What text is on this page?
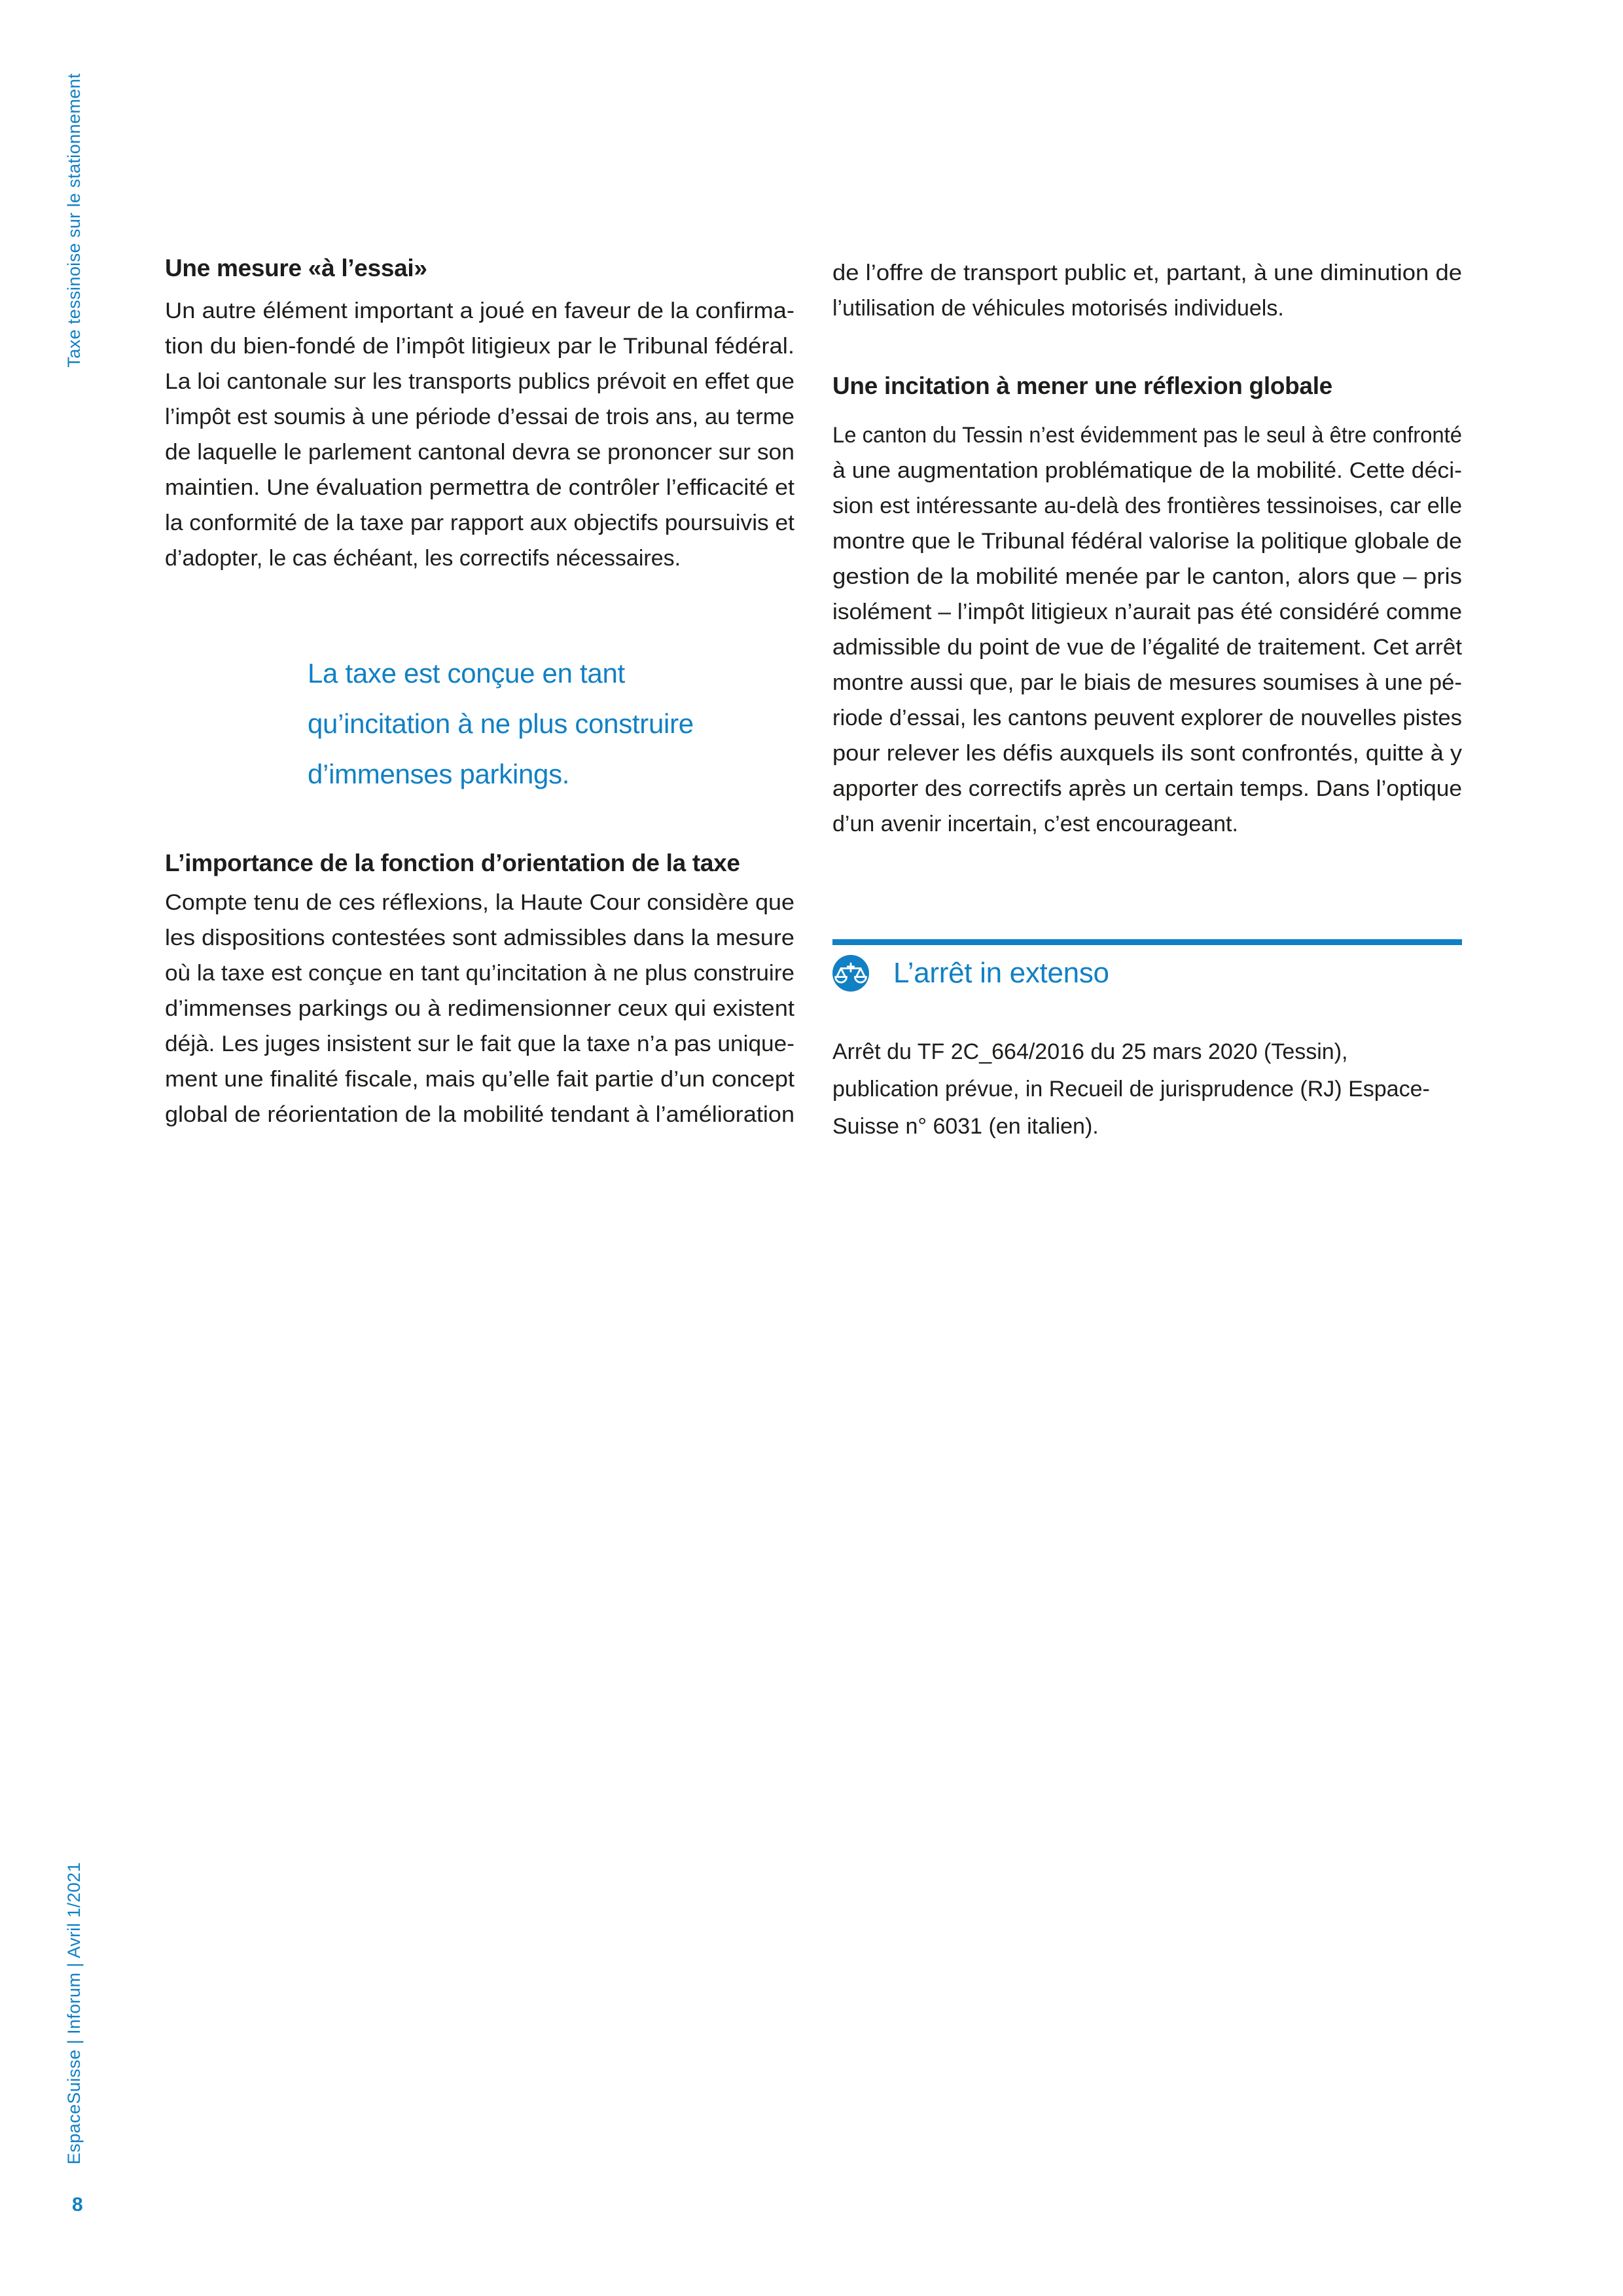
Taxe tessinoise sur le stationnement
EspaceSuisse | Inforum | Avril 1/2021
8
Une mesure «à l’essai»
Un autre élément important a joué en faveur de la confirma-
tion du bien-fondé de l’impôt litigieux par le Tribunal fédéral.
La loi cantonale sur les transports publics prévoit en effet que
l’impôt est soumis à une période d’essai de trois ans, au terme
de laquelle le parlement cantonal devra se prononcer sur son
maintien. Une évaluation permettra de contrôler l’efficacité et
la conformité de la taxe par rapport aux objectifs poursuivis et
d’adopter, le cas échéant, les correctifs nécessaires.
La taxe est conçue en tant
qu’incitation à ne plus construire
d’immenses parkings.
L’importance de la fonction d’orientation de la taxe
Compte tenu de ces réflexions, la Haute Cour considère que
les dispositions contestées sont admissibles dans la mesure
où la taxe est conçue en tant qu’incitation à ne plus construire
d’immenses parkings ou à redimensionner ceux qui existent
déjà. Les juges insistent sur le fait que la taxe n’a pas unique-
ment une finalité fiscale, mais qu’elle fait partie d’un concept
global de réorientation de la mobilité tendant à l’amélioration
de l’offre de transport public et, partant, à une diminution de
l’utilisation de véhicules motorisés individuels.
Une incitation à mener une réflexion globale
Le canton du Tessin n’est évidemment pas le seul à être confronté
à une augmentation problématique de la mobilité. Cette déci-
sion est intéressante au-delà des frontières tessinoises, car elle
montre que le Tribunal fédéral valorise la politique globale de
gestion de la mobilité menée par le canton, alors que – pris
isolément – l’impôt litigieux n’aurait pas été considéré comme
admissible du point de vue de l’égalité de traitement. Cet arrêt
montre aussi que, par le biais de mesures soumises à une pé-
riode d’essai, les cantons peuvent explorer de nouvelles pistes
pour relever les défis auxquels ils sont confrontés, quitte à y
apporter des correctifs après un certain temps. Dans l’optique
d’un avenir incertain, c’est encourageant.
L’arrêt in extenso
Arrêt du TF 2C_664/2016 du 25 mars 2020 (Tessin),
publication prévue, in Recueil de jurisprudence (RJ) Espace-
Suisse n° 6031 (en italien).
